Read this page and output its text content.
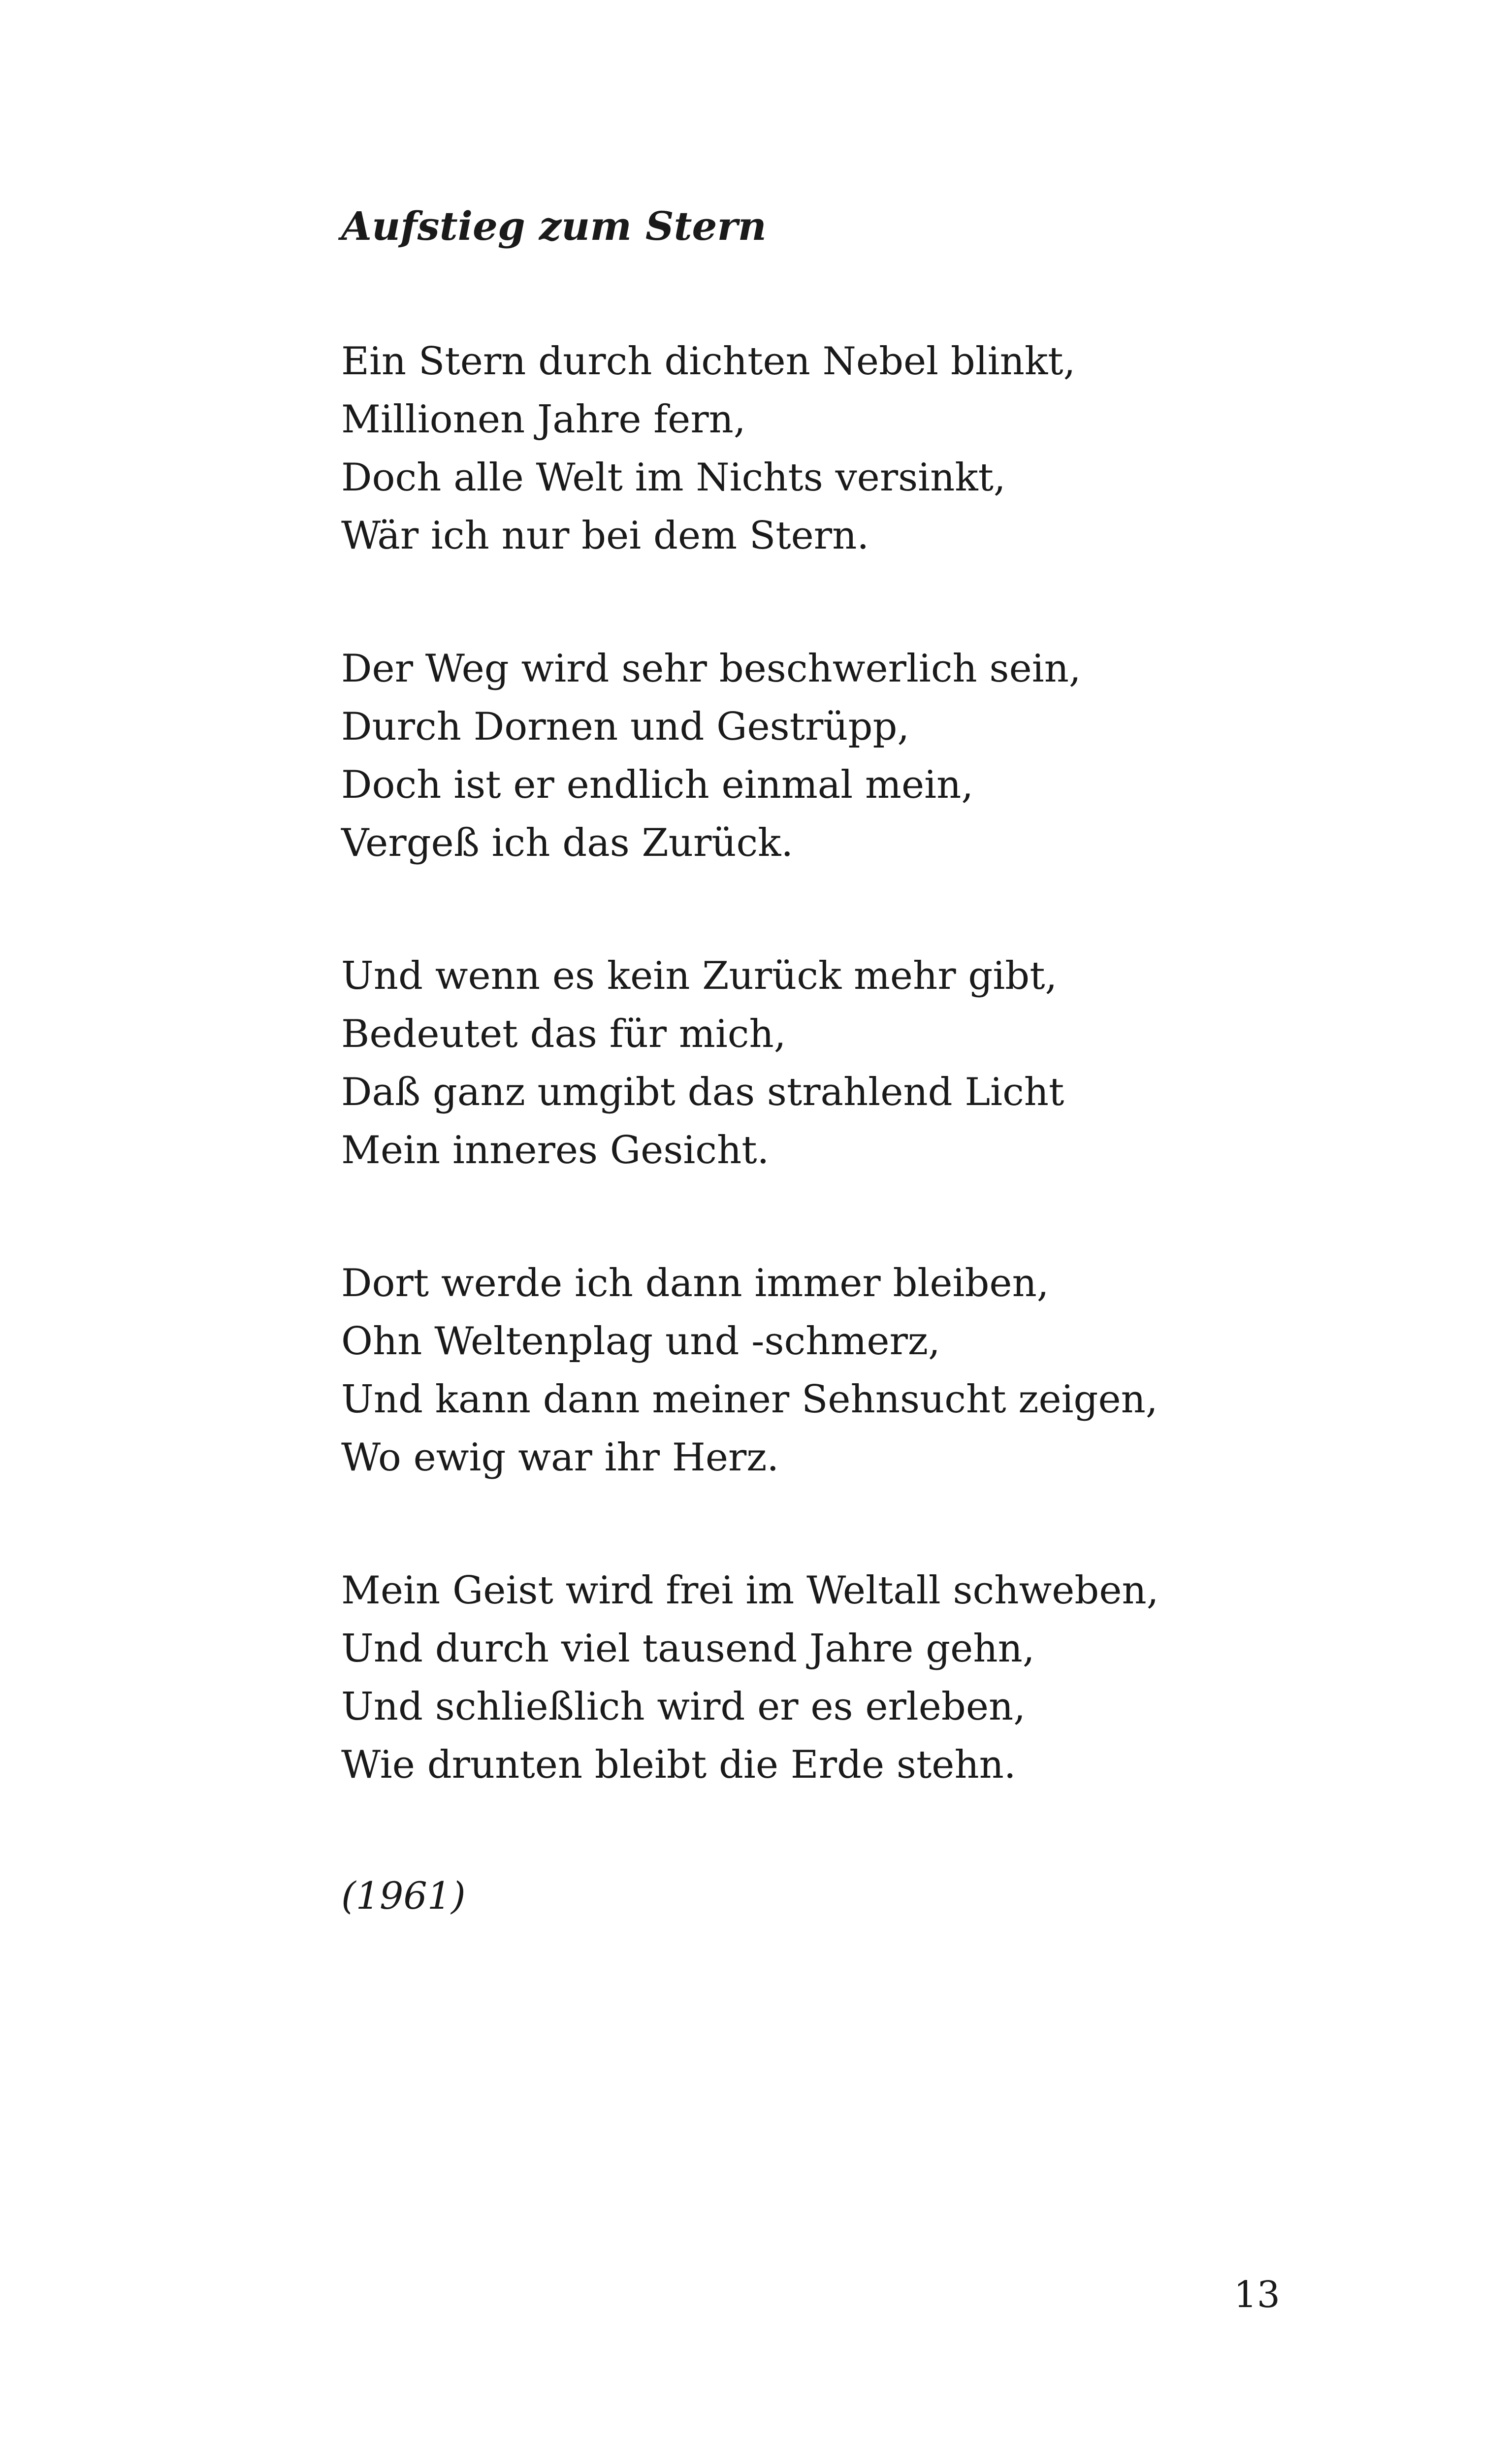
Aufstieg zum Stern
Ein Stern durch dichten Nebel blinkt,
Millionen Jahre fern,
Doch alle Welt im Nichts versinkt,
Wär ich nur bei dem Stern.
Der Weg wird sehr beschwerlich sein,
Durch Dornen und Gestrüpp,
Doch ist er endlich einmal mein,
Vergeß ich das Zurück.
Und wenn es kein Zurück mehr gibt,
Bedeutet das für mich,
Daß ganz umgibt das strahlend Licht
Mein inneres Gesicht.
Dort werde ich dann immer bleiben,
Ohn Weltenplag und -schmerz,
Und kann dann meiner Sehnsucht zeigen,
Wo ewig war ihr Herz.
Mein Geist wird frei im Weltall schweben,
Und durch viel tausend Jahre gehn,
Und schließlich wird er es erleben,
Wie drunten bleibt die Erde stehn.
(1961)
13
